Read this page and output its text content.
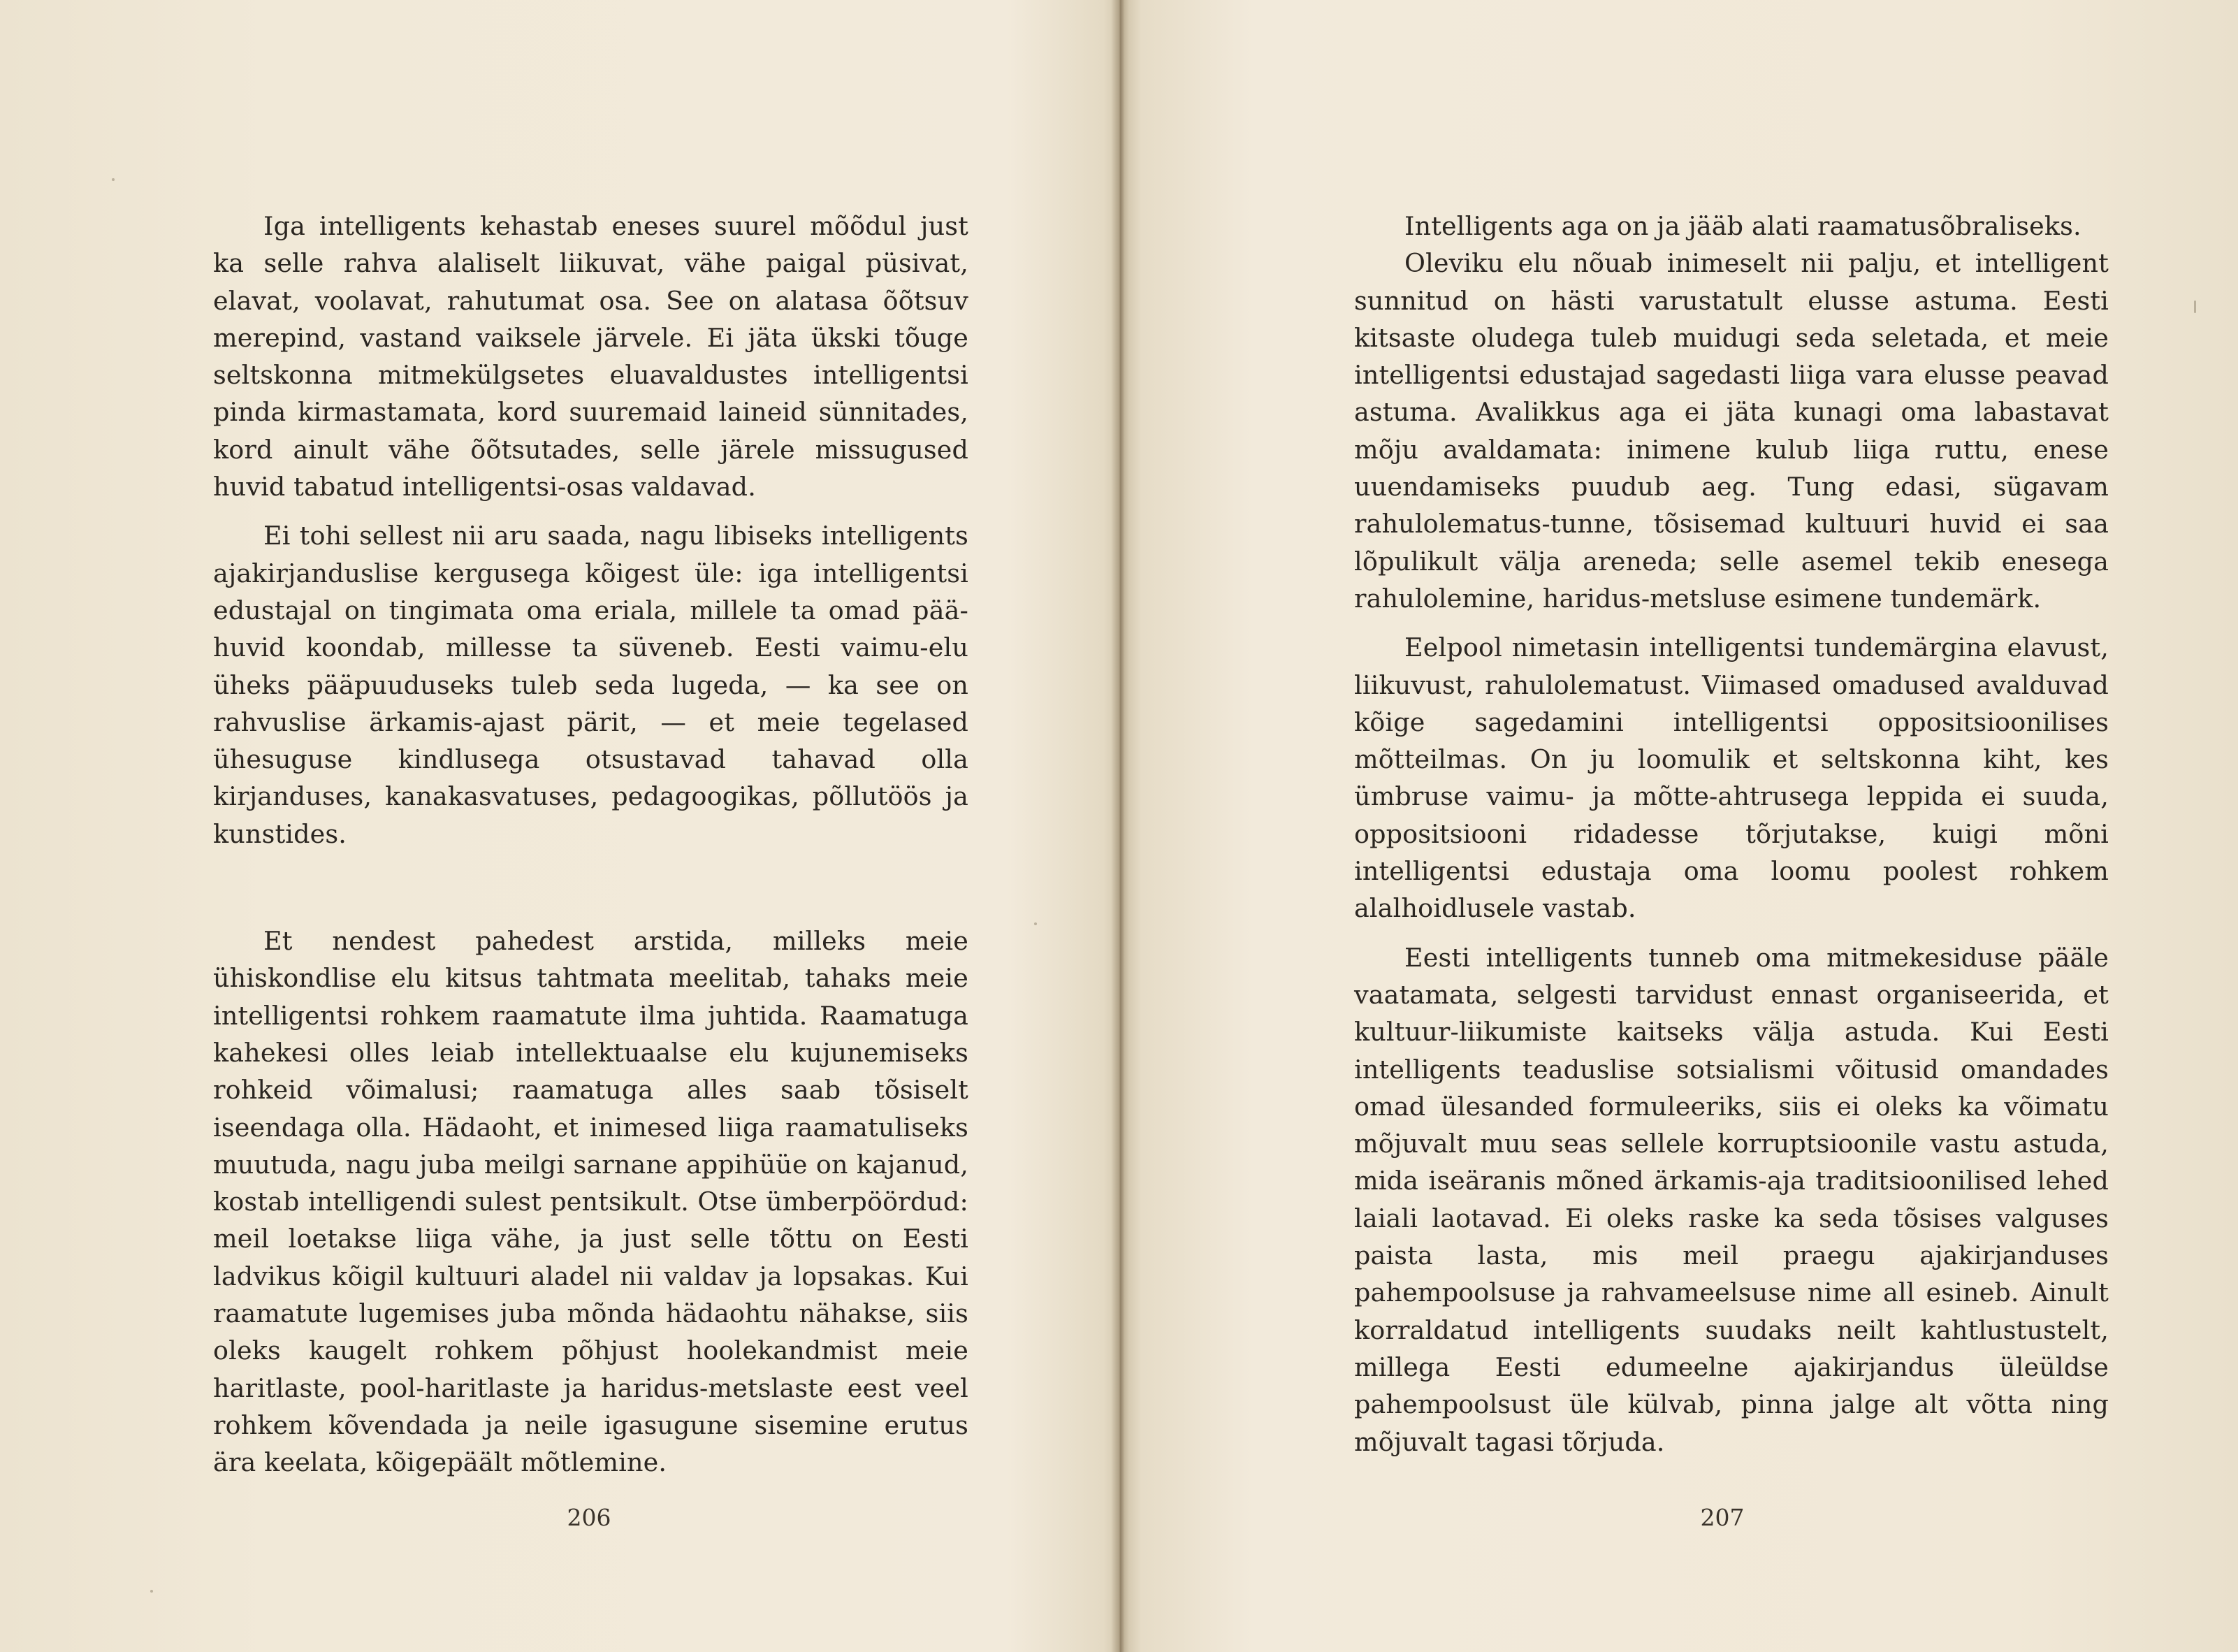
Iga intelligents kehastab eneses suurel mõõdul just ka selle rahva alaliselt liikuvat, vähe paigal püsivat, elavat, voolavat, rahutumat osa. See on alatasa õõtsuv merepind, vastand vaiksele järvele. Ei jäta ükski tõuge seltskonna mitmekülgsetes eluavaldustes intelligentsi pinda kirmastamata, kord suuremaid laineid sünnitades, kord ainult vähe õõtsutades, selle järele missugused huvid tabatud intelligentsi-osas valdavad.

Ei tohi sellest nii aru saada, nagu libiseks intelligents ajakirjanduslise kergusega kõigest üle: iga intelligentsi edustajal on tingimata oma eriala, millele ta omad pää-huvid koondab, millesse ta süveneb. Eesti vaimu-elu üheks pääpuuduseks tuleb seda lugeda, — ka see on rahvuslise ärkamis-ajast pärit, — et meie tegelased ühesuguse kindlusega otsustavad tahavad olla kirjanduses, kanakasvatuses, pedagoogikas, põllutöös ja kunstides.

Et nendest pahedest arstida, milleks meie ühiskondlise elu kitsus tahtmata meelitab, tahaks meie intelligentsi rohkem raamatute ilma juhtida. Raamatuga kahekesi olles leiab intellektuaalse elu kujunemiseks rohkeid võimalusi; raamatuga alles saab tõsiselt iseendaga olla. Hädaoht, et inimesed liiga raamatuliseks muutuda, nagu juba meilgi sarnane appihüüe on kajanud, kostab intelligendi sulest pentsikult. Otse ümberpöördud: meil loetakse liiga vähe, ja just selle tõttu on Eesti ladvikus kõigil kultuuri aladel nii valdav ja lopsakas. Kui raamatute lugemises juba mõnda hädaohtu nähakse, siis oleks kaugelt rohkem põhjust hoolekandmist meie haritlaste, pool-haritlaste ja haridus-metslaste eest veel rohkem kõvendada ja neile igasugune sisemine erutus ära keelata, kõigepäält mõtlemine.

206

Intelligents aga on ja jääb alati raamatusõbraliseks.

Oleviku elu nõuab inimeselt nii palju, et intelligent sunnitud on hästi varustatult elusse astuma. Eesti kitsaste oludega tuleb muidugi seda seletada, et meie intelligentsi edustajad sagedasti liiga vara elusse peavad astuma. Avalikkus aga ei jäta kunagi oma labastavat mõju avaldamata: inimene kulub liiga ruttu, enese uuendamiseks puudub aeg. Tung edasi, sügavam rahulolematus-tunne, tõsisemad kultuuri huvid ei saa lõpulikult välja areneda; selle asemel tekib enesega rahulolemine, haridus-metsluse esimene tundemärk.

Eelpool nimetasin intelligentsi tundemärgina elavust, liikuvust, rahulolematust. Viimased omadused avalduvad kõige sagedamini intelligentsi oppositsioonilises mõtteilmas. On ju loomulik et seltskonna kiht, kes ümbruse vaimu- ja mõtte-ahtrusega leppida ei suuda, oppositsiooni ridadesse tõrjutakse, kuigi mõni intelligentsi edustaja oma loomu poolest rohkem alalhoidlusele vastab.

Eesti intelligents tunneb oma mitmekesiduse pääle vaatamata, selgesti tarvidust ennast organiseerida, et kultuur-liikumiste kaitseks välja astuda. Kui Eesti intelligents teaduslise sotsialismi võitusid omandades omad ülesanded formuleeriks, siis ei oleks ka võimatu mõjuvalt muu seas sellele korruptsioonile vastu astuda, mida iseäranis mõned ärkamis-aja traditsioonilised lehed laiali laotavad. Ei oleks raske ka seda tõsises valguses paista lasta, mis meil praegu ajakirjanduses pahempoolsuse ja rahvameelsuse nime all esineb. Ainult korraldatud intelligents suudaks neilt kahtlustustelt, millega Eesti edumeelne ajakirjandus üleüldse pahempoolsust üle külvab, pinna jalge alt võtta ning mõjuvalt tagasi tõrjuda.

207
